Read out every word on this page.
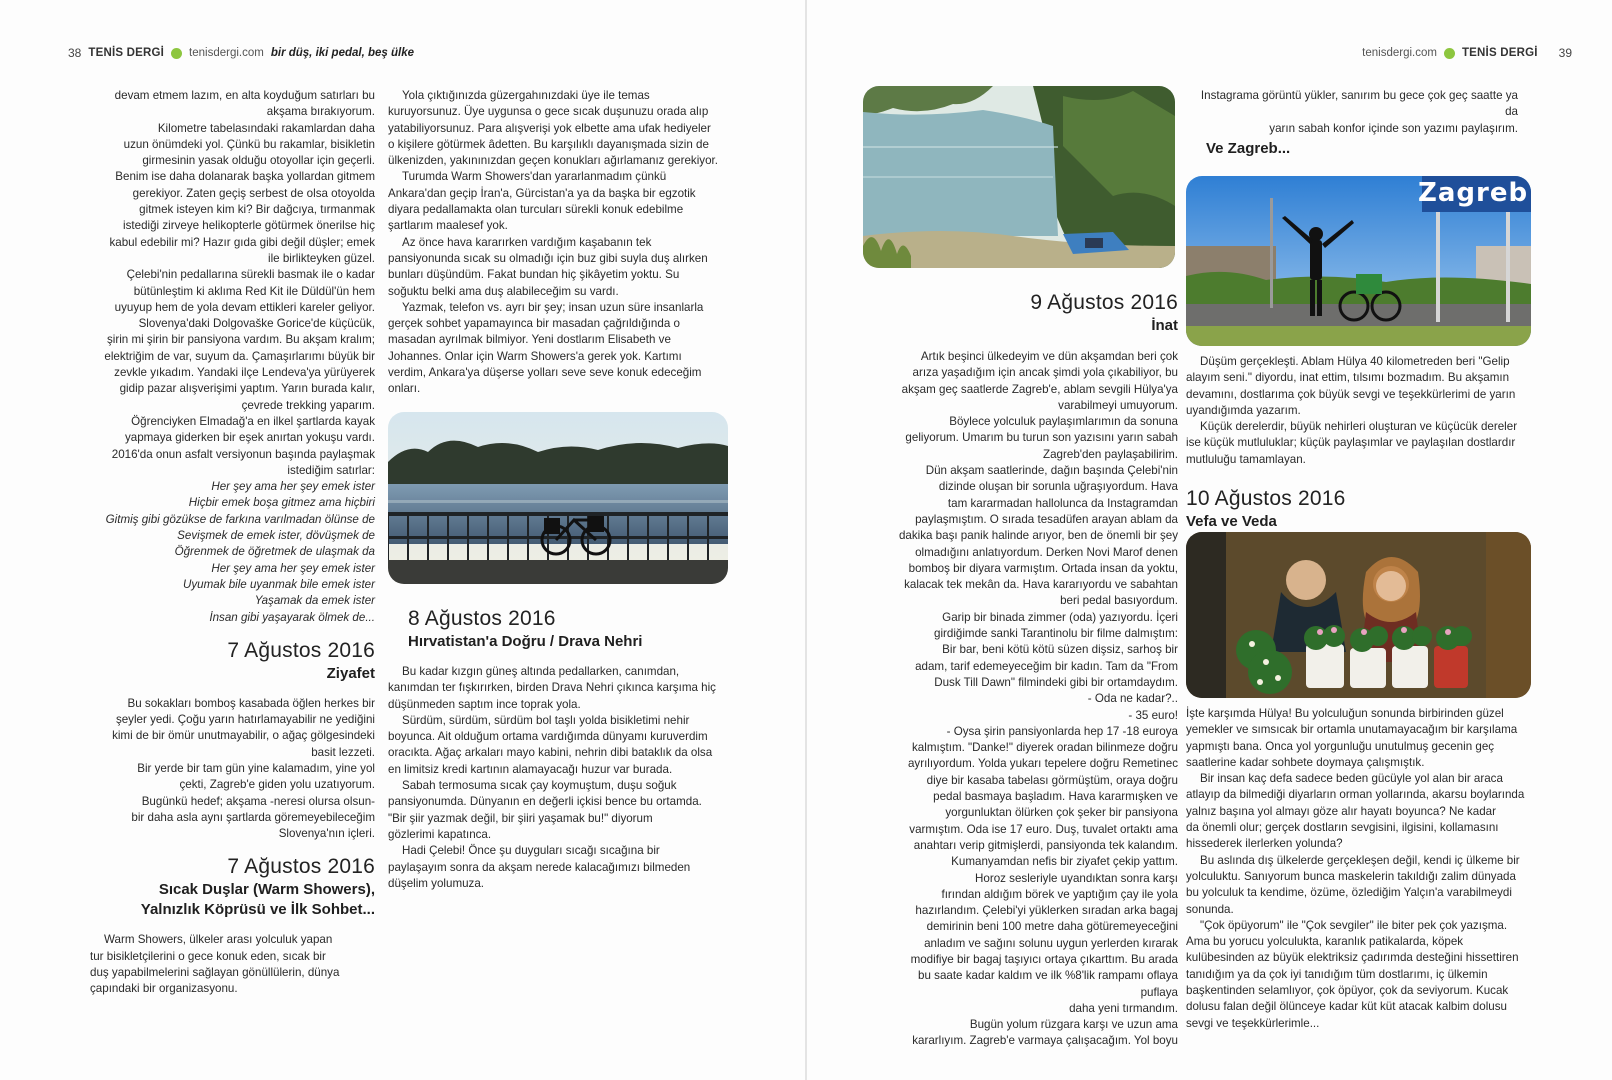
38 TENİS DERGİ tenisdergi.com bir düş, iki pedal, beş ülke

devam etmem lazım, en alta koyduğum satırları bu
akşama bırakıyorum.

Kilometre tabelasındaki rakamlardan daha
uzun önümdeki yol. Çünkü bu rakamlar, bisikletin
girmesinin yasak olduğu otoyollar için geçerli.
Benim ise daha dolanarak başka yollardan gitmem
gerekiyor. Zaten geçiş serbest de olsa otoyolda
gitmek isteyen kim ki? Bir dağcıya, tırmanmak
istediği zirveye helikopterle götürmek önerilse hiç
kabul edebilir mi? Hazır gıda gibi değil düşler; emek
ile birlikteyken güzel.

Çelebi'nin pedallarına sürekli basmak ile o kadar
bütünleştim ki aklıma Red Kit ile Düldül'ün hem
uyuyup hem de yola devam ettikleri kareler geliyor.
Slovenya'daki Dolgovaške Gorice'de küçücük,
şirin mi şirin bir pansiyona vardım. Bu akşam kralım;
elektriğim de var, suyum da. Çamaşırlarımı büyük bir
zevkle yıkadım. Yandaki ilçe Lendeva'ya yürüyerek
gidip pazar alışverişimi yaptım. Yarın burada kalır,
çevrede trekking yaparım.

Öğrenciyken Elmadağ'a en ilkel şartlarda kayak
yapmaya giderken bir eşek anırtan yokuşu vardı.
2016'da onun asfalt versiyonun başında paylaşmak
istediğim satırlar:

Her şey ama her şey emek ister
Hiçbir emek boşa gitmez ama hiçbiri
Gitmiş gibi gözükse de farkına varılmadan ölünse de
Sevişmek de emek ister, dövüşmek de
Öğrenmek de öğretmek de ulaşmak da
Her şey ama her şey emek ister
Uyumak bile uyanmak bile emek ister
Yaşamak da emek ister
İnsan gibi yaşayarak ölmek de...

7 Ağustos 2016
Ziyafet

Bu sokakları bomboş kasabada öğlen herkes bir
şeyler yedi. Çoğu yarın hatırlamayabilir ne yediğini
kimi de bir ömür unutmayabilir, o ağaç gölgesindeki
basit lezzeti.

Bir yerde bir tam gün yine kalamadım, yine yol
çekti, Zagreb'e giden yolu uzatıyorum.
Bugünkü hedef; akşama -neresi olursa olsun-
bir daha asla aynı şartlarda göremeyebileceğim
Slovenya'nın içleri.

7 Ağustos 2016
Sıcak Duşlar (Warm Showers),
Yalnızlık Köprüsü ve İlk Sohbet...

Warm Showers, ülkeler arası yolculuk yapan
tur bisikletçilerini o gece konuk eden, sıcak bir
duş yapabilmelerini sağlayan gönüllülerin, dünya
çapındaki bir organizasyonu.

Yola çıktığınızda güzergahınızdaki üye ile temas
kuruyorsunuz. Üye uygunsa o gece sıcak duşunuzu orada alıp
yatabiliyorsunuz. Para alışverişi yok elbette ama ufak hediyeler
o kişilere götürmek âdetten. Bu karşılıklı dayanışmada sizin de
ülkenizden, yakınınızdan geçen konukları ağırlamanız gerekiyor.

Turumda Warm Showers'dan yararlanmadım çünkü
Ankara'dan geçip İran'a, Gürcistan'a ya da başka bir egzotik
diyara pedallamakta olan turcuları sürekli konuk edebilme
şartlarım maalesef yok.

Az önce hava kararırken vardığım kaşabanın tek
pansiyonunda sıcak su olmadığı için buz gibi suyla duş alırken
bunları düşündüm. Fakat bundan hiç şikâyetim yoktu. Su
soğuktu belki ama duş alabileceğim su vardı.

Yazmak, telefon vs. ayrı bir şey; insan uzun süre insanlarla
gerçek sohbet yapamayınca bir masadan çağrıldığında o
masadan ayrılmak bilmiyor. Yeni dostlarım Elisabeth ve
Johannes. Onlar için Warm Showers'a gerek yok. Kartımı
verdim, Ankara'ya düşerse yolları seve seve konuk edeceğim
onları.

8 Ağustos 2016
Hırvatistan'a Doğru / Drava Nehri

Bu kadar kızgın güneş altında pedallarken, canımdan,
kanımdan ter fışkırırken, birden Drava Nehri çıkınca karşıma hiç
düşünmeden saptım ince toprak yola.

Sürdüm, sürdüm, sürdüm bol taşlı yolda bisikletimi nehir
boyunca. Ait olduğum ortama vardığımda dünyamı kuruverdim
oracıkta. Ağaç arkaları mayo kabini, nehrin dibi bataklık da olsa
en limitsiz kredi kartının alamayacağı huzur var burada.

Sabah termosuma sıcak çay koymuştum, duşu soğuk
pansiyonumda. Dünyanın en değerli içkisi bence bu ortamda.
"Bir şiir yazmak değil, bir şiiri yaşamak bu!" diyorum
gözlerimi kapatınca.

Hadi Çelebi! Önce şu duyguları sıcağı sıcağına bir
paylaşayım sonra da akşam nerede kalacağımızı bilmeden
düşelim yolumuza.

tenisdergi.com TENİS DERGİ 39
9 Ağustos 2016
İnat

Artık beşinci ülkedeyim ve dün akşamdan beri çok
arıza yaşadığım için ancak şimdi yola çıkabiliyor, bu
akşam geç saatlerde Zagreb'e, ablam sevgili Hülya'ya
varabilmeyi umuyorum.

Böylece yolculuk paylaşımlarımın da sonuna
geliyorum. Umarım bu turun son yazısını yarın sabah
Zagreb'den paylaşabilirim.

Dün akşam saatlerinde, dağın başında Çelebi'nin
dizinde oluşan bir sorunla uğraşıyordum. Hava
tam kararmadan hallolunca da Instagramdan
paylaşmıştım. O sırada tesadüfen arayan ablam da
dakika başı panik halinde arıyor, ben de önemli bir şey
olmadığını anlatıyordum. Derken Novi Marof denen
bomboş bir diyara varmıştım. Ortada insan da yoktu,
kalacak tek mekân da. Hava kararıyordu ve sabahtan
beri pedal basıyordum.

Garip bir binada zimmer (oda) yazıyordu. İçeri
girdiğimde sanki Tarantinolu bir filme dalmıştım:
Bir bar, beni kötü kötü süzen dişsiz, sarhoş bir
adam, tarif edemeyeceğim bir kadın. Tam da "From
Dusk Till Dawn" filmindeki gibi bir ortamdaydım.
- Oda ne kadar?..
- 35 euro!

- Oysa şirin pansiyonlarda hep 17 -18 euroya
kalmıştım. "Danke!" diyerek oradan bilinmeze doğru
ayrılıyordum. Yolda yukarı tepelere doğru Remetinec
diye bir kasaba tabelası görmüştüm, oraya doğru
pedal basmaya başladım. Hava kararmışken ve
yorgunluktan ölürken çok şeker bir pansiyona
varmıştım. Oda ise 17 euro. Duş, tuvalet ortaktı ama
anahtarı verip gitmişlerdi, pansiyonda tek kalandım.
Kumanyamdan nefis bir ziyafet çekip yattım.

Horoz sesleriyle uyandıktan sonra karşı
fırından aldığım börek ve yaptığım çay ile yola
hazırlandım. Çelebi'yi yüklerken sıradan arka bagaj
demirinin beni 100 metre daha götüremeyeceğini
anladım ve sağını solunu uygun yerlerden kırarak
modifiye bir bagaj taşıyıcı ortaya çıkarttım. Bu arada
bu saate kadar kaldım ve ilk %8'lik rampamı oflaya puflaya
daha yeni tırmandım.

Bugün yolum rüzgara karşı ve uzun ama
kararlıyım. Zagreb'e varmaya çalışacağım. Yol boyu

Instagrama görüntü yükler, sanırım bu gece çok geç saatte ya da
yarın sabah konfor içinde son yazımı paylaşırım.

Ve Zagreb...
Zagreb

Düşüm gerçekleşti. Ablam Hülya 40 kilometreden beri "Gelip
alayım seni." diyordu, inat ettim, tılsımı bozmadım. Bu akşamın
devamını, dostlarıma çok büyük sevgi ve teşekkürlerimi de yarın
uyandığımda yazarım.

Küçük derelerdir, büyük nehirleri oluşturan ve küçücük dereler
ise küçük mutluluklar; küçük paylaşımlar ve paylaşılan dostlardır
mutluluğu tamamlayan.

10 Ağustos 2016
Vefa ve Veda

İşte karşımda Hülya! Bu yolculuğun sonunda birbirinden güzel
yemekler ve sımsıcak bir ortamla unutamayacağım bir karşılama
yapmıştı bana. Onca yol yorgunluğu unutulmuş gecenin geç
saatlerine kadar sohbete doymaya çalışmıştık.

Bir insan kaç defa sadece beden gücüyle yol alan bir araca
atlayıp da bilmediği diyarların orman yollarında, akarsu boylarında
yalnız başına yol almayı göze alır hayatı boyunca? Ne kadar
da önemli olur; gerçek dostların sevgisini, ilgisini, kollamasını
hissederek ilerlerken yolunda?

Bu aslında dış ülkelerde gerçekleşen değil, kendi iç ülkeme bir
yolculuktu. Sanıyorum bunca maskelerin takıldığı zalim dünyada
bu yolculuk ta kendime, özüme, özlediğim Yalçın'a varabilmeydi
sonunda.

"Çok öpüyorum" ile "Çok sevgiler" ile biter pek çok yazışma.
Ama bu yorucu yolculukta, karanlık patikalarda, köpek
kulübesinden az büyük elektriksiz çadırımda desteğini hissettiren
tanıdığım ya da çok iyi tanıdığım tüm dostlarımı, iç ülkemin
başkentinden selamlıyor, çok öpüyor, çok da seviyorum. Kucak
dolusu falan değil ölünceye kadar küt küt atacak kalbim dolusu
sevgi ve teşekkürlerimle...
